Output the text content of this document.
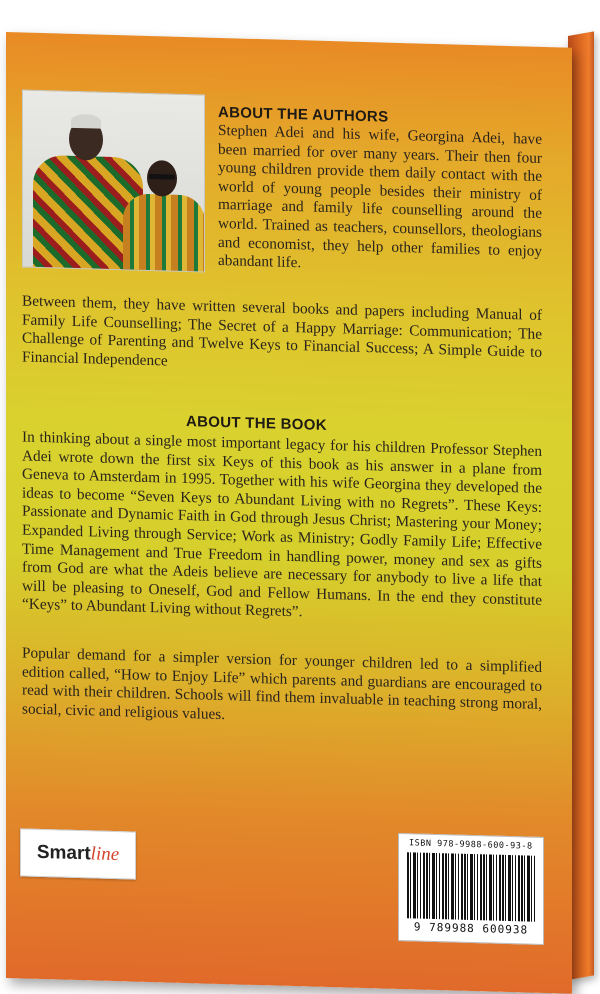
ABOUT THE AUTHORS
Stephen Adei and his wife, Georgina Adei, have been married for over many years. Their then four young children provide them daily contact with the world of young people besides their ministry of marriage and family life counselling around the world. Trained as teachers, counsellors, theologians and economist, they help other families to enjoy abandant life.
Between them, they have written several books and papers including Manual of Family Life Counselling; The Secret of a Happy Marriage: Communication; The Challenge of Parenting and Twelve Keys to Financial Success; A Simple Guide to Financial Independence
ABOUT THE BOOK
In thinking about a single most important legacy for his children Professor Stephen Adei wrote down the first six Keys of this book as his answer in a plane from Geneva to Amsterdam in 1995. Together with his wife Georgina they developed the ideas to become “Seven Keys to Abundant Living with no Regrets”. These Keys: Passionate and Dynamic Faith in God through Jesus Christ; Mastering your Money; Expanded Living through Service; Work as Ministry; Godly Family Life; Effective Time Management and True Freedom in handling power, money and sex as gifts from God are what the Adeis believe are necessary for anybody to live a life that will be pleasing to Oneself, God and Fellow Humans. In the end they constitute “Keys” to Abundant Living without Regrets”.
Popular demand for a simpler version for younger children led to a simplified edition called, “How to Enjoy Life” which parents and guardians are encouraged to read with their children. Schools will find them invaluable in teaching strong moral, social, civic and religious values.
Smart line	ISBN 978-9988-600-93-8
9 789988 600938
